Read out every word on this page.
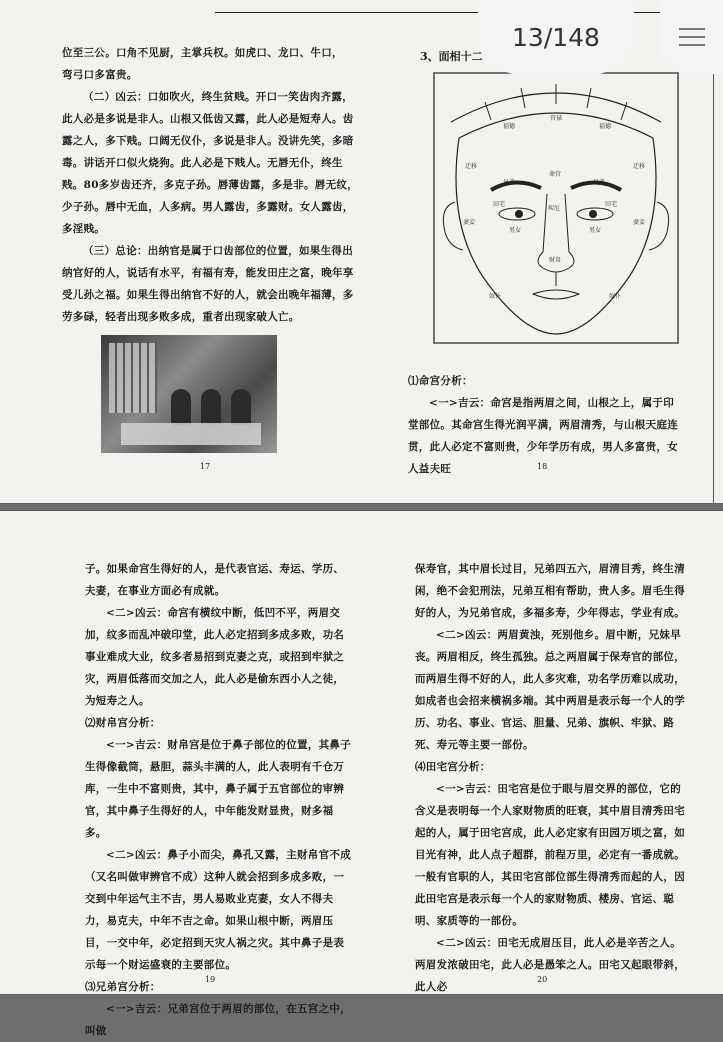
位至三公。口角不见厨，主掌兵权。如虎口、龙口、牛口，

弯弓口多富贵。

（二）凶云：口如吹火，终生贫贱。开口一笑齿肉齐露，此人必是多说是非人。山根又低齿又露，此人必是短寿人。齿露之人，多下贱。口阔无仪仆，多说是非人。没讲先笑，多暗毒。讲话开口似火烧狗。此人必是下贱人。无唇无仆，终生贱。80多岁齿还齐，多克子孙。唇薄齿露，多是非。唇无纹，少子孙。唇中无血，人多病。男人露齿，多露财。女人露齿，多淫贱。

（三）总论：出纳官是属于口齿部位的位置，如果生得出纳官好的人，说话有水平，有福有寿，能发田庄之富，晚年享受儿孙之福。如果生得出纳官不好的人，就会出晚年福薄，多劳多碌，轻者出现多败多成，重者出现家破人亡。

17
3、面相十二
官禄
福德	福德
迁移	迁移
命宫
兄弟	兄弟
田宅	田宅
疾厄
妻妾	妻妾
男女	男女
财帛
奴仆	奴仆

⑴命宫分析：

<一>吉云：命宫是指两眉之间，山根之上，属于印堂部位。其命宫生得光润平满，两眉清秀，与山根天庭连贯，此人必定不富则贵，少年学历有成，男人多富贵，女人益夫旺	18

子。如果命宫生得好的人，是代表官运、寿运、学历、夫妻，在事业方面必有成就。

<二>凶云：命宫有横纹中断，低凹不平，两眉交加，纹多而乱冲破印堂，此人必定招到多成多败，功名事业难成大业，纹多者易招到克妻之克，或招到牢狱之灾，两眉低落而交加之人，此人必是偷东西小人之徒，为短寿之人。

⑵财帛宫分析：

<一>吉云：财帛宫是位于鼻子部位的位置，其鼻子生得像截筒，悬胆，蒜头丰满的人，此人表明有千仓万库，一生中不富则贵，其中，鼻子属于五官部位的审辨官，其中鼻子生得好的人，中年能发财显贵，财多福多。

<二>凶云：鼻子小而尖，鼻孔又露，主财帛官不成（又名叫做审辨官不成）这种人就会招到多成多败，一交到中年运气主不吉，男人易败业克妻，女人不得夫力，易克夫，中年不吉之命。如果山根中断，两眉压目，一交中年，必定招到天灾人祸之灾。其中鼻子是表示每一个财运盛衰的主要部位。

⑶兄弟宫分析：

<一>吉云：兄弟宫位于两眉的部位，在五宫之中，叫做

19

保寿官，其中眉长过目，兄弟四五六，眉清目秀，终生清闲，绝不会犯刑法，兄弟互相有帮助，贵人多。眉毛生得好的人，为兄弟官成，多福多寿，少年得志，学业有成。

<二>凶云：两眉黄浊，死别他乡。眉中断，兄妹早丧。两眉相反，终生孤独。总之两眉属于保寿官的部位，而两眉生得不好的人，此人多灾难，功名学历难以成功，如成者也会招来横祸多端。其中两眉是表示每一个人的学历、功名、事业、官运、胆量、兄弟、旗帜、牢狱、路死、寿元等主要一部份。

⑷田宅宫分析：

<一>吉云：田宅宫是位于眼与眉交界的部位，它的含义是表明每一个人家财物质的旺衰，其中眉目清秀田宅起的人，属于田宅宫成，此人必定家有田园万顷之富，如目光有神，此人点子超群，前程万里，必定有一番成就。一般有官职的人，其田宅宫部位部生得清秀而起的人，因此田宅宫是表示每一个人的家财物质、楼房、官运、聪明、家质等的一部份。

<二>凶云：田宅无成眉压目，此人必是辛苦之人。两眉发浓破田宅，此人必是愚笨之人。田宅又起眼带斜，此人必

20
13/148
